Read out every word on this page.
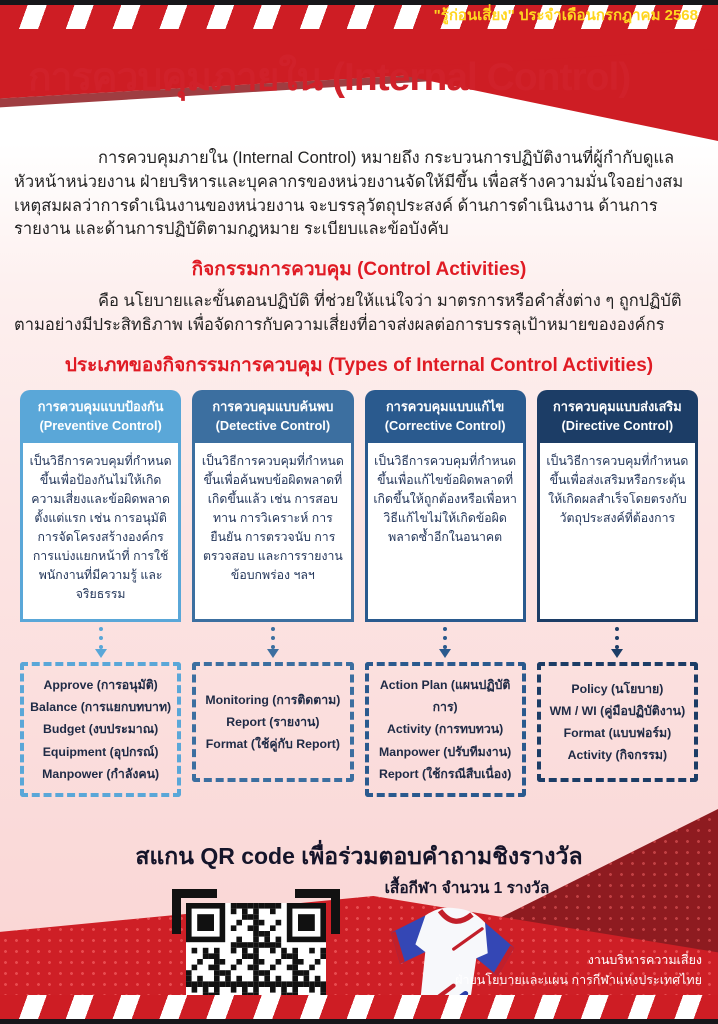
"รู้ก่อนเสี่ยง" ประจำเดือนกรกฎาคม 2568
การควบคุมภายใน (Internal Control)
การควบคุมภายใน (Internal Control) หมายถึง กระบวนการปฏิบัติงานที่ผู้กำกับดูแล หัวหน้าหน่วยงาน ฝ่ายบริหารและบุคลากรของหน่วยงานจัดให้มีขึ้น เพื่อสร้างความมั่นใจอย่างสมเหตุสมผลว่าการดำเนินงานของหน่วยงาน จะบรรลุวัตถุประสงค์ ด้านการดำเนินงาน ด้านการรายงาน และด้านการปฏิบัติตามกฎหมาย ระเบียบและข้อบังคับ
กิจกรรมการควบคุม (Control Activities)
คือ นโยบายและขั้นตอนปฏิบัติ ที่ช่วยให้แน่ใจว่า มาตรการหรือคำสั่งต่าง ๆ ถูกปฏิบัติตามอย่างมีประสิทธิภาพ เพื่อจัดการกับความเสี่ยงที่อาจส่งผลต่อการบรรลุเป้าหมายขององค์กร
ประเภทของกิจกรรมการควบคุม (Types of Internal Control Activities)
การควบคุมแบบป้องกัน
(Preventive Control)
เป็นวิธีการควบคุมที่กำหนดขึ้นเพื่อป้องกันไม่ให้เกิดความเสี่ยงและข้อผิดพลาดตั้งแต่แรก เช่น การอนุมัติ การจัดโครงสร้างองค์กร การแบ่งแยกหน้าที่ การใช้พนักงานที่มีความรู้ และจริยธรรม
Approve (การอนุมัติ)
Balance (การแยกบทบาท)
Budget (งบประมาณ)
Equipment (อุปกรณ์)
Manpower (กำลังคน)
การควบคุมแบบค้นพบ
(Detective Control)
เป็นวิธีการควบคุมที่กำหนดขึ้นเพื่อค้นพบข้อผิดพลาดที่เกิดขึ้นแล้ว เช่น การสอบทาน การวิเคราะห์ การยืนยัน การตรวจนับ การตรวจสอบ และการรายงานข้อบกพร่อง ฯลฯ
Monitoring (การติดตาม)
Report (รายงาน)
Format (ใช้คู่กับ Report)
การควบคุมแบบแก้ไข
(Corrective Control)
เป็นวิธีการควบคุมที่กำหนดขึ้นเพื่อแก้ไขข้อผิดพลาดที่เกิดขึ้นให้ถูกต้องหรือเพื่อหาวิธีแก้ไขไม่ให้เกิดข้อผิดพลาดซ้ำอีกในอนาคต
Action Plan (แผนปฏิบัติการ)
Activity (การทบทวน)
Manpower (ปรับทีมงาน)
Report (ใช้กรณีสืบเนื่อง)
การควบคุมแบบส่งเสริม
(Directive Control)
เป็นวิธีการควบคุมที่กำหนดขึ้นเพื่อส่งเสริมหรือกระตุ้นให้เกิดผลสำเร็จโดยตรงกับวัตถุประสงค์ที่ต้องการ
Policy (นโยบาย)
WM / WI (คู่มือปฏิบัติงาน)
Format (แบบฟอร์ม)
Activity (กิจกรรม)
สแกน QR code เพื่อร่วมตอบคำถามชิงรางวัล
เสื้อกีฬา จำนวน 1 รางวัล
งานบริหารความเสี่ยง
ฝ่ายนโยบายและแผน การกีฬาแห่งประเทศไทย
